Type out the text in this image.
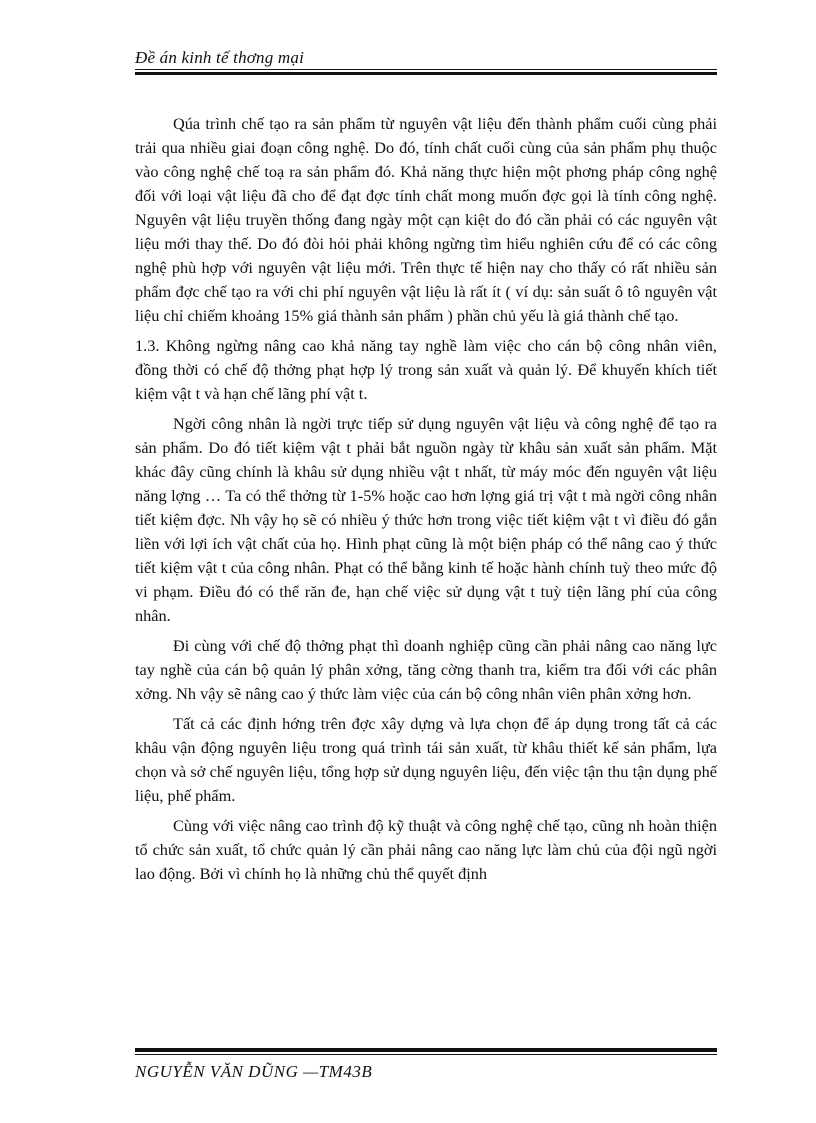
Đề án kinh tế thơng mại

Qúa trình chế tạo ra sản phẩm từ nguyên vật liệu đến thành phẩm cuối cùng phải trải qua nhiều giai đoạn công nghệ. Do đó, tính chất cuối cùng của sản phẩm phụ thuộc vào công nghệ chế toạ ra sản phẩm đó. Khả năng thực hiện một phơng pháp công nghệ đối với loại vật liệu đã cho để đạt đợc tính chất mong muốn đợc gọi là tính công nghệ. Nguyên vật liệu truyền thống đang ngày một cạn kiệt do đó cần phải có các nguyên vật liệu mới thay thế. Do đó đòi hỏi phải không ngừng tìm hiểu nghiên cứu để có các công nghệ phù hợp với nguyên vật liệu mới. Trên thực tế hiện nay cho thấy có rất nhiều sản phẩm đợc chế tạo ra với chi phí nguyên vật liệu là rất ít ( ví dụ: sản suất ô tô nguyên vật liệu chỉ chiếm khoảng 15% giá thành sản phẩm ) phần chủ yếu là giá thành chế tạo.

1.3. Không ngừng nâng cao khả năng tay nghề làm việc cho cán bộ công nhân viên, đồng thời có chế độ thởng phạt hợp lý trong sản xuất và quản lý. Để khuyến khích tiết kiệm vật t và hạn chế lãng phí vật t.

Ngời công nhân là ngời trực tiếp sử dụng nguyên vật liệu và công nghệ để tạo ra sản phẩm. Do đó tiết kiệm vật t phải bắt nguồn ngày từ khâu sản xuất sản phẩm. Mặt khác đây cũng chính là khâu sử dụng nhiều vật t nhất, từ máy móc đến nguyên vật liệu năng lợng … Ta có thể thởng từ 1-5% hoặc cao hơn lợng giá trị vật t mà ngời công nhân tiết kiệm đợc. Nh vậy họ sẽ có nhiều ý thức hơn trong việc tiết kiệm vật t vì điều đó gắn liền với lợi ích vật chất của họ. Hình phạt cũng là một biện pháp có thể nâng cao ý thức tiết kiệm vật t của công nhân. Phạt có thể bằng kinh tế hoặc hành chính tuỳ theo mức độ vi phạm. Điều đó có thể răn đe, hạn chế việc sử dụng vật t tuỳ tiện lãng phí của công nhân.

Đi cùng với chế độ thởng phạt thì doanh nghiệp cũng cần phải nâng cao năng lực tay nghề của cán bộ quản lý phân xởng, tăng cờng thanh tra, kiểm tra đối với các phân xởng. Nh vậy sẽ nâng cao ý thức làm việc của cán bộ công nhân viên phân xởng hơn.

Tất cả các định hớng trên đợc xây dựng và lựa chọn để áp dụng trong tất cả các khâu vận động nguyên liệu trong quá trình tái sản xuất, từ khâu thiết kế sản phẩm, lựa chọn và sở chế nguyên liệu, tổng hợp sử dụng nguyên liệu, đến việc tận thu tận dụng phế liệu, phế phẩm.

Cùng với việc nâng cao trình độ kỹ thuật và công nghệ chế tạo, cũng nh hoàn thiện tổ chức sản xuất, tổ chức quản lý cần phải nâng cao năng lực làm chủ của đội ngũ ngời lao động. Bởi vì chính họ là những chủ thể quyết định

NGUYỄN VĂN DŨNG —TM43B
